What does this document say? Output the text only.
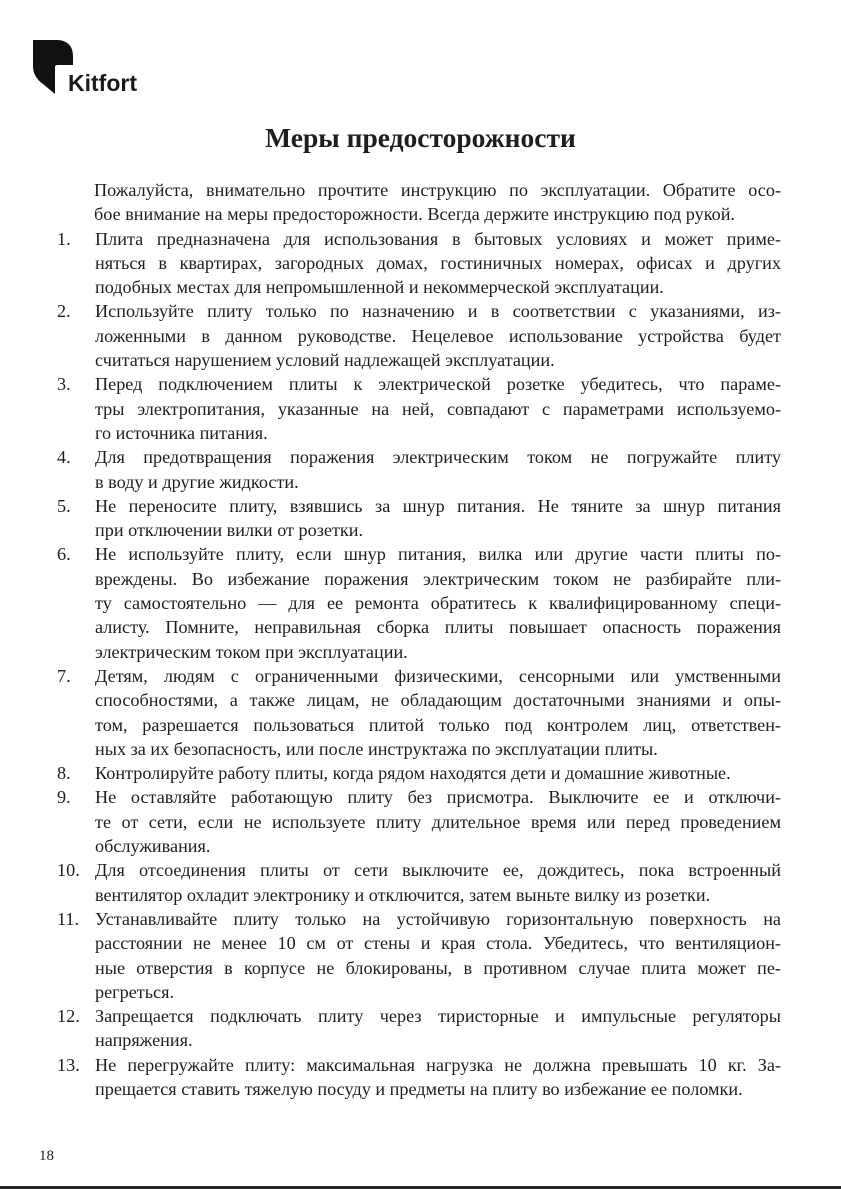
Kitfort
Меры предосторожности

Пожалуйста, внимательно прочтите инструкцию по эксплуатации. Обратите осо-
бое внимание на меры предосторожности. Всегда держите инструкцию под рукой.

1. Плита предназначена для использования в бытовых условиях и может приме-
няться в квартирах, загородных домах, гостиничных номерах, офисах и других
подобных местах для непромышленной и некоммерческой эксплуатации.
2. Используйте плиту только по назначению и в соответствии с указаниями, из-
ложенными в данном руководстве. Нецелевое использование устройства будет
считаться нарушением условий надлежащей эксплуатации.
3. Перед подключением плиты к электрической розетке убедитесь, что параме-
тры электропитания, указанные на ней, совпадают с параметрами используемо-
го источника питания.
4. Для предотвращения поражения электрическим током не погружайте плиту
в воду и другие жидкости.
5. Не переносите плиту, взявшись за шнур питания. Не тяните за шнур питания
при отключении вилки от розетки.
6. Не используйте плиту, если шнур питания, вилка или другие части плиты по-
вреждены. Во избежание поражения электрическим током не разбирайте пли-
ту самостоятельно — для ее ремонта обратитесь к квалифицированному специ-
алисту. Помните, неправильная сборка плиты повышает опасность поражения
электрическим током при эксплуатации.
7. Детям, людям с ограниченными физическими, сенсорными или умственными
способностями, а также лицам, не обладающим достаточными знаниями и опы-
том, разрешается пользоваться плитой только под контролем лиц, ответствен-
ных за их безопасность, или после инструктажа по эксплуатации плиты.
8. Контролируйте работу плиты, когда рядом находятся дети и домашние животные.
9. Не оставляйте работающую плиту без присмотра. Выключите ее и отключи-
те от сети, если не используете плиту длительное время или перед проведением
обслуживания.
10. Для отсоединения плиты от сети выключите ее, дождитесь, пока встроенный
вентилятор охладит электронику и отключится, затем выньте вилку из розетки.
11. Устанавливайте плиту только на устойчивую горизонтальную поверхность на
расстоянии не менее 10 см от стены и края стола. Убедитесь, что вентиляцион-
ные отверстия в корпусе не блокированы, в противном случае плита может пе-
регреться.
12. Запрещается подключать плиту через тиристорные и импульсные регуляторы
напряжения.
13. Не перегружайте плиту: максимальная нагрузка не должна превышать 10 кг. За-
прещается ставить тяжелую посуду и предметы на плиту во избежание ее поломки.
18
